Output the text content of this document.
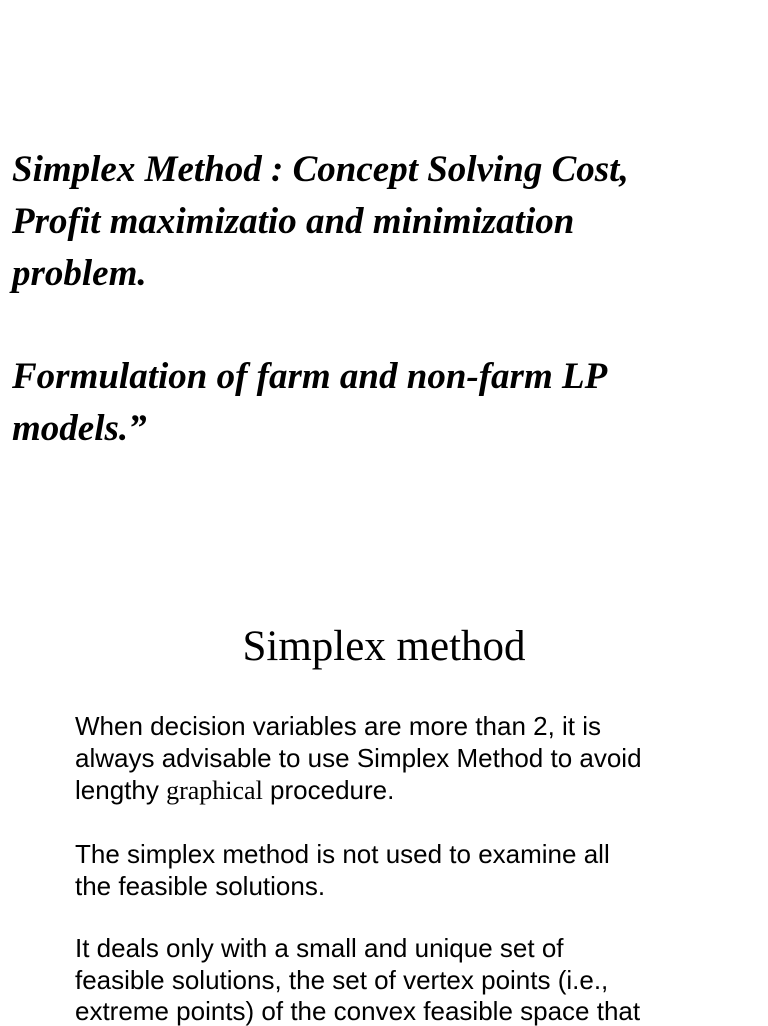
Simplex Method : Concept Solving Cost,

Profit maximizatio and minimization

problem.

Formulation of farm and non-farm LP

models.”

Simplex method

When decision variables are more than 2, it is

always advisable to use Simplex Method to avoid

lengthy graphical procedure.

The simplex method is not used to examine all

the feasible solutions.

It deals only with a small and unique set of

feasible solutions, the set of vertex points (i.e.,

extreme points) of the convex feasible space that
